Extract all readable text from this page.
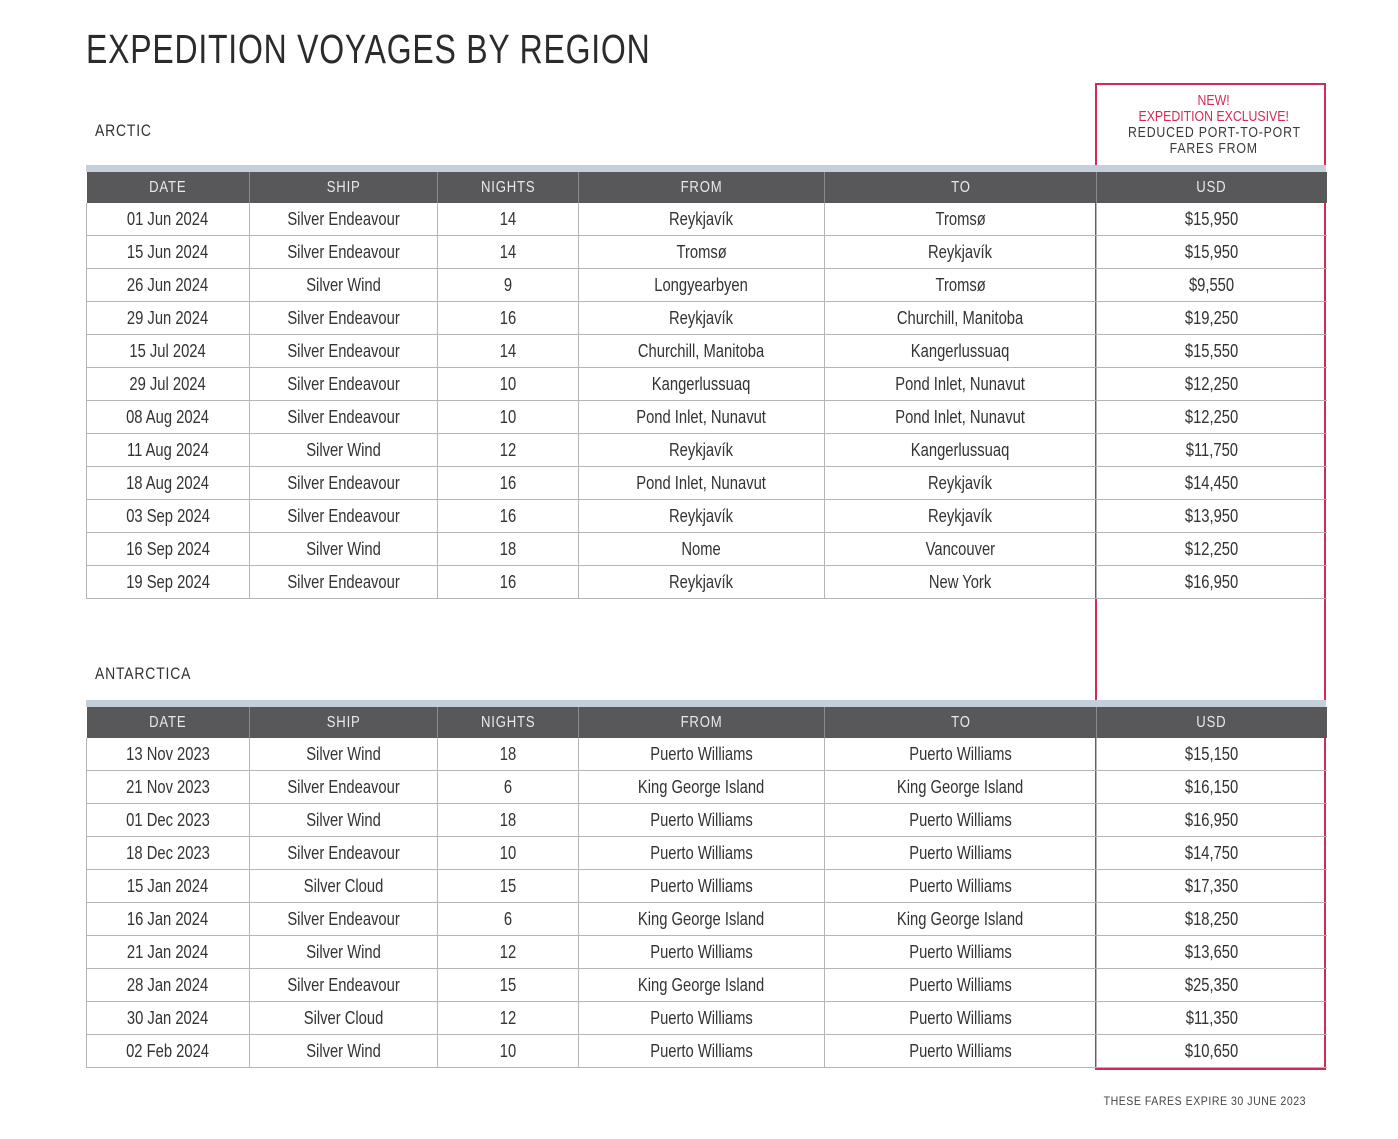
EXPEDITION VOYAGES BY REGION
NEW!
EXPEDITION EXCLUSIVE!
REDUCED PORT-TO-PORT
FARES FROM
ARCTIC
DATE	SHIP	NIGHTS	FROM	TO	USD
01 Jun 2024	Silver Endeavour	14	Reykjavík	Tromsø	$15,950
15 Jun 2024	Silver Endeavour	14	Tromsø	Reykjavík	$15,950
26 Jun 2024	Silver Wind	9	Longyearbyen	Tromsø	$9,550
29 Jun 2024	Silver Endeavour	16	Reykjavík	Churchill, Manitoba	$19,250
15 Jul 2024	Silver Endeavour	14	Churchill, Manitoba	Kangerlussuaq	$15,550
29 Jul 2024	Silver Endeavour	10	Kangerlussuaq	Pond Inlet, Nunavut	$12,250
08 Aug 2024	Silver Endeavour	10	Pond Inlet, Nunavut	Pond Inlet, Nunavut	$12,250
11 Aug 2024	Silver Wind	12	Reykjavík	Kangerlussuaq	$11,750
18 Aug 2024	Silver Endeavour	16	Pond Inlet, Nunavut	Reykjavík	$14,450
03 Sep 2024	Silver Endeavour	16	Reykjavík	Reykjavík	$13,950
16 Sep 2024	Silver Wind	18	Nome	Vancouver	$12,250
19 Sep 2024	Silver Endeavour	16	Reykjavík	New York	$16,950
ANTARCTICA
DATE	SHIP	NIGHTS	FROM	TO	USD
13 Nov 2023	Silver Wind	18	Puerto Williams	Puerto Williams	$15,150
21 Nov 2023	Silver Endeavour	6	King George Island	King George Island	$16,150
01 Dec 2023	Silver Wind	18	Puerto Williams	Puerto Williams	$16,950
18 Dec 2023	Silver Endeavour	10	Puerto Williams	Puerto Williams	$14,750
15 Jan 2024	Silver Cloud	15	Puerto Williams	Puerto Williams	$17,350
16 Jan 2024	Silver Endeavour	6	King George Island	King George Island	$18,250
21 Jan 2024	Silver Wind	12	Puerto Williams	Puerto Williams	$13,650
28 Jan 2024	Silver Endeavour	15	King George Island	Puerto Williams	$25,350
30 Jan 2024	Silver Cloud	12	Puerto Williams	Puerto Williams	$11,350
02 Feb 2024	Silver Wind	10	Puerto Williams	Puerto Williams	$10,650
THESE FARES EXPIRE 30 JUNE 2023
